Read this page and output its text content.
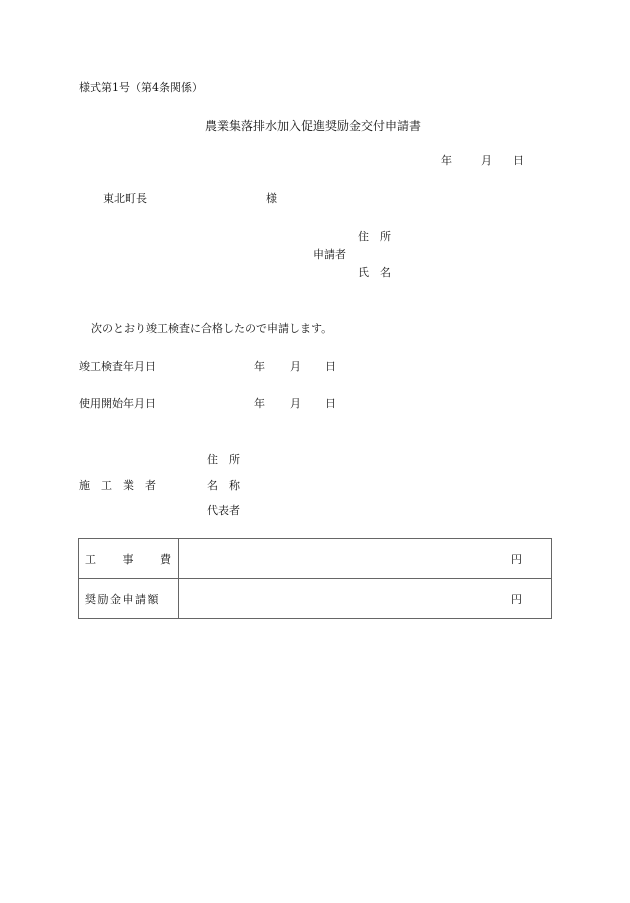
様式第1号（第4条関係）
農業集落排水加入促進奨励金交付申請書
年	月 日
東北町長	様
住　所
申請者
氏　名
次のとおり竣工検査に合格したので申請します。
竣工検査年月日	年 月 日
使用開始年月日	年 月 日
住　所
施　工　業　者	名　称
代表者
工　　事　　費	円
奨励金申請額	円
